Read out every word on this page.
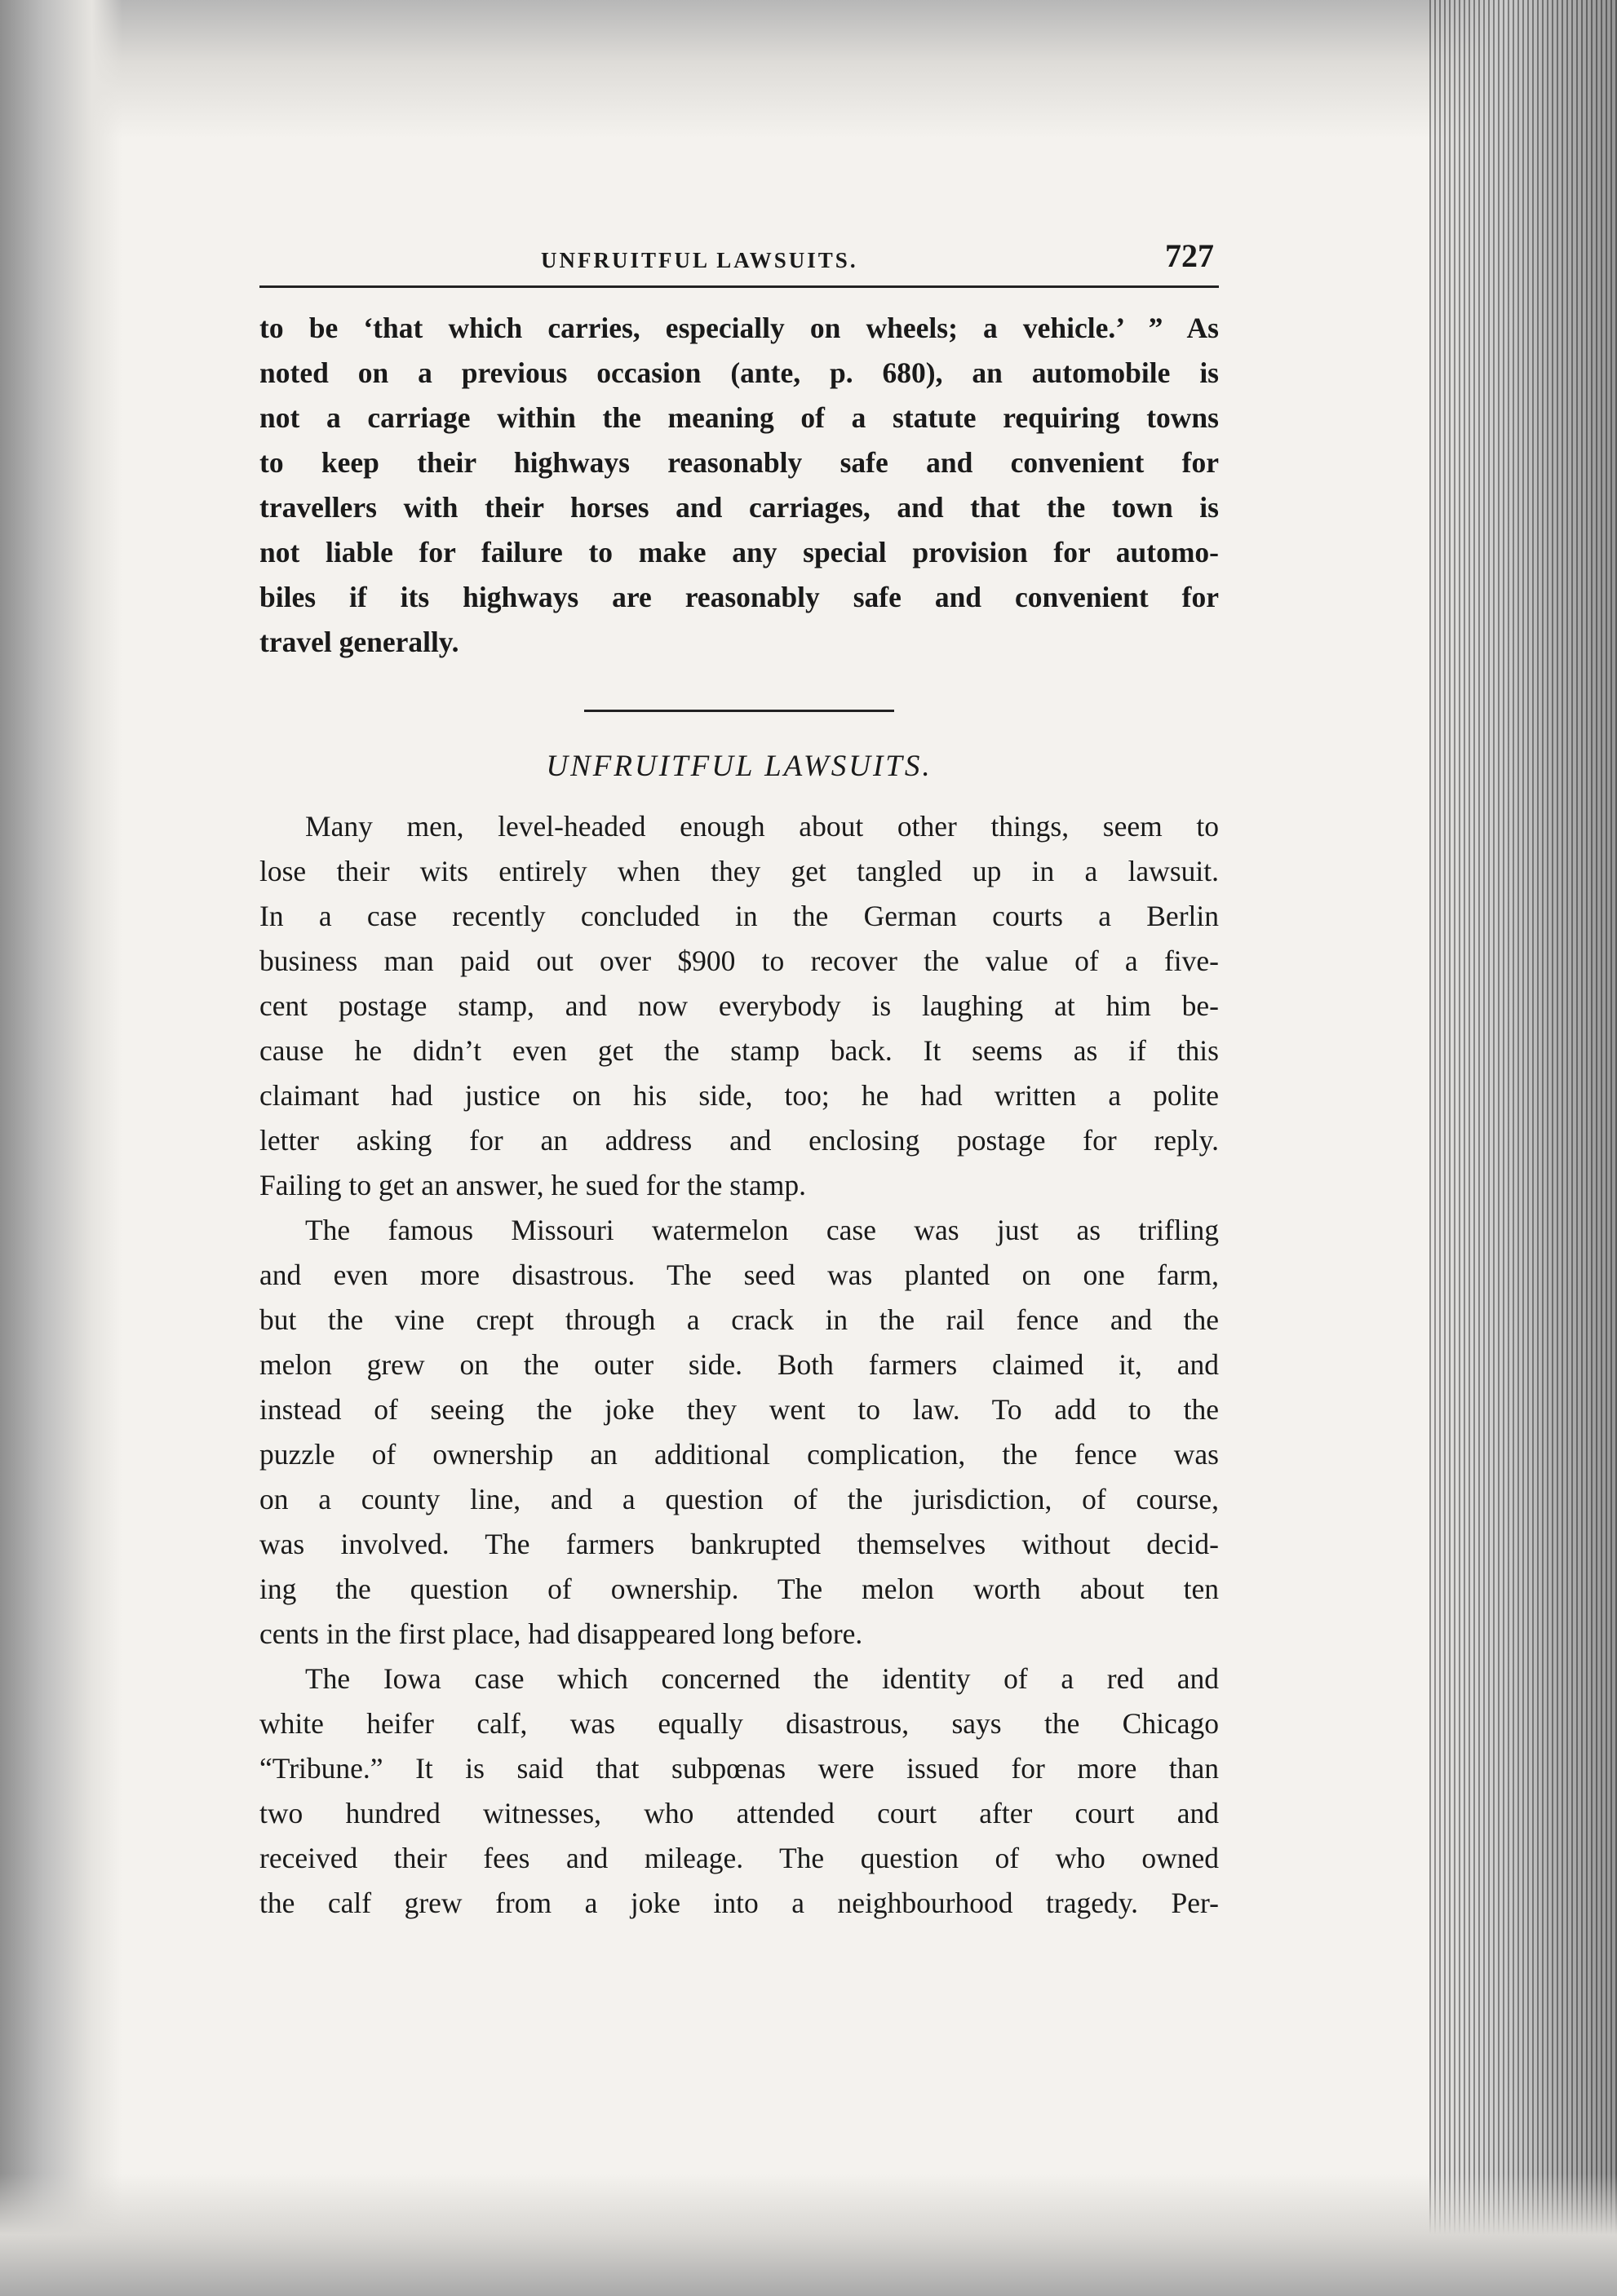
UNFRUITFUL LAWSUITS.	727

to be ‘that which carries, especially on wheels; a vehicle.’ ” As

noted on a previous occasion (ante, p. 680), an automobile is

not a carriage within the meaning of a statute requiring towns

to keep their highways reasonably safe and convenient for

travellers with their horses and carriages, and that the town is

not liable for failure to make any special provision for automo-

biles if its highways are reasonably safe and convenient for

travel generally.

UNFRUITFUL LAWSUITS.

Many men, level-headed enough about other things, seem to

lose their wits entirely when they get tangled up in a lawsuit.

In a case recently concluded in the German courts a Berlin

business man paid out over $900 to recover the value of a five-

cent postage stamp, and now everybody is laughing at him be-

cause he didn’t even get the stamp back. It seems as if this

claimant had justice on his side, too; he had written a polite

letter asking for an address and enclosing postage for reply.

Failing to get an answer, he sued for the stamp.

The famous Missouri watermelon case was just as trifling

and even more disastrous. The seed was planted on one farm,

but the vine crept through a crack in the rail fence and the

melon grew on the outer side. Both farmers claimed it, and

instead of seeing the joke they went to law. To add to the

puzzle of ownership an additional complication, the fence was

on a county line, and a question of the jurisdiction, of course,

was involved. The farmers bankrupted themselves without decid-

ing the question of ownership. The melon worth about ten

cents in the first place, had disappeared long before.

The Iowa case which concerned the identity of a red and

white heifer calf, was equally disastrous, says the Chicago

“Tribune.” It is said that subpœnas were issued for more than

two hundred witnesses, who attended court after court and

received their fees and mileage. The question of who owned

the calf grew from a joke into a neighbourhood tragedy. Per-
